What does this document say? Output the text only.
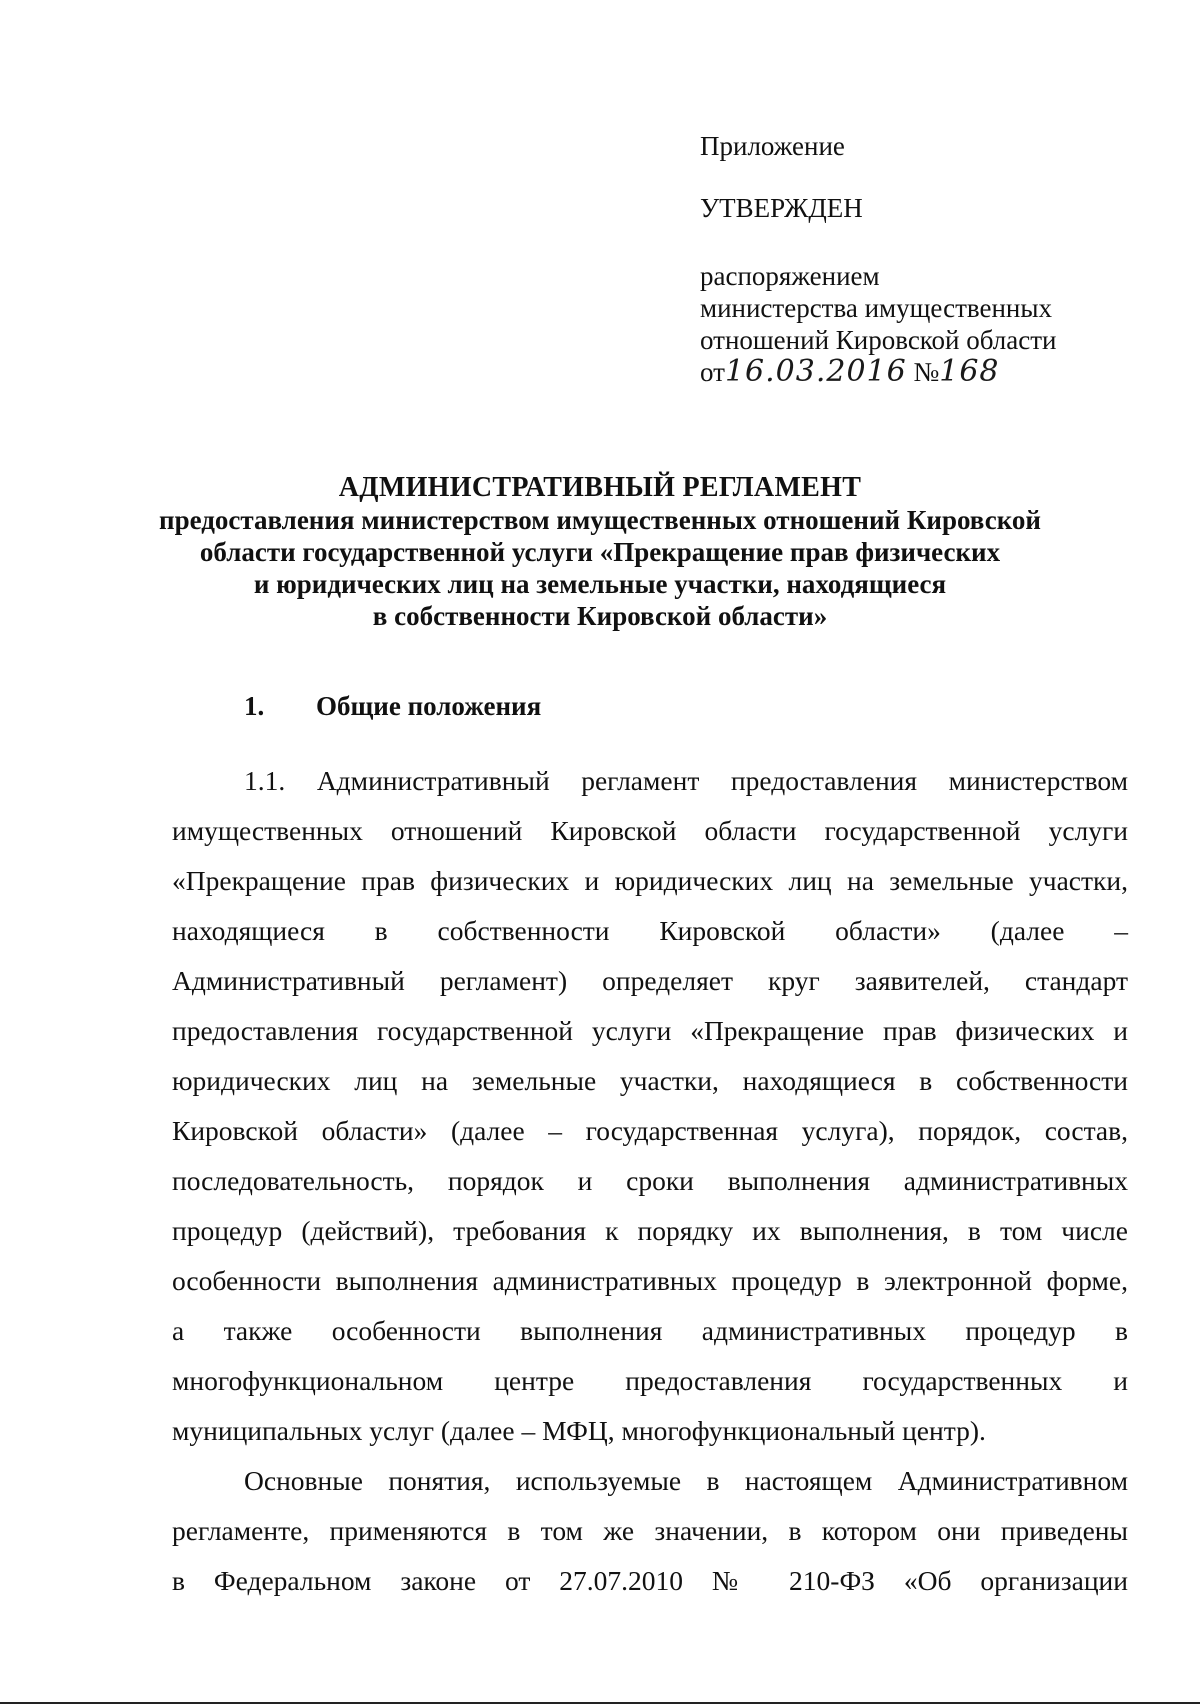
Приложение
УТВЕРЖДЕН
распоряжением
министерства имущественных
отношений Кировской области
от16.03.2016 №168
АДМИНИСТРАТИВНЫЙ РЕГЛАМЕНТ
предоставления министерством имущественных отношений Кировской
области государственной услуги «Прекращение прав физических
и юридических лиц на земельные участки, находящиеся
в собственности Кировской области»
1. Общие положения
1.1. Административный регламент предоставления министерством
имущественных отношений Кировской области государственной услуги
«Прекращение прав физических и юридических лиц на земельные участки,
находящиеся в собственности Кировской области» (далее –
Административный регламент) определяет круг заявителей, стандарт
предоставления государственной услуги «Прекращение прав физических и
юридических лиц на земельные участки, находящиеся в собственности
Кировской области» (далее – государственная услуга), порядок, состав,
последовательность, порядок и сроки выполнения административных
процедур (действий), требования к порядку их выполнения, в том числе
особенности выполнения административных процедур в электронной форме,
а также особенности выполнения административных процедур в
многофункциональном центре предоставления государственных и
муниципальных услуг (далее – МФЦ, многофункциональный центр).
Основные понятия, используемые в настоящем Административном
регламенте, применяются в том же значении, в котором они приведены
в Федеральном законе от 27.07.2010 № 210-ФЗ «Об организации
